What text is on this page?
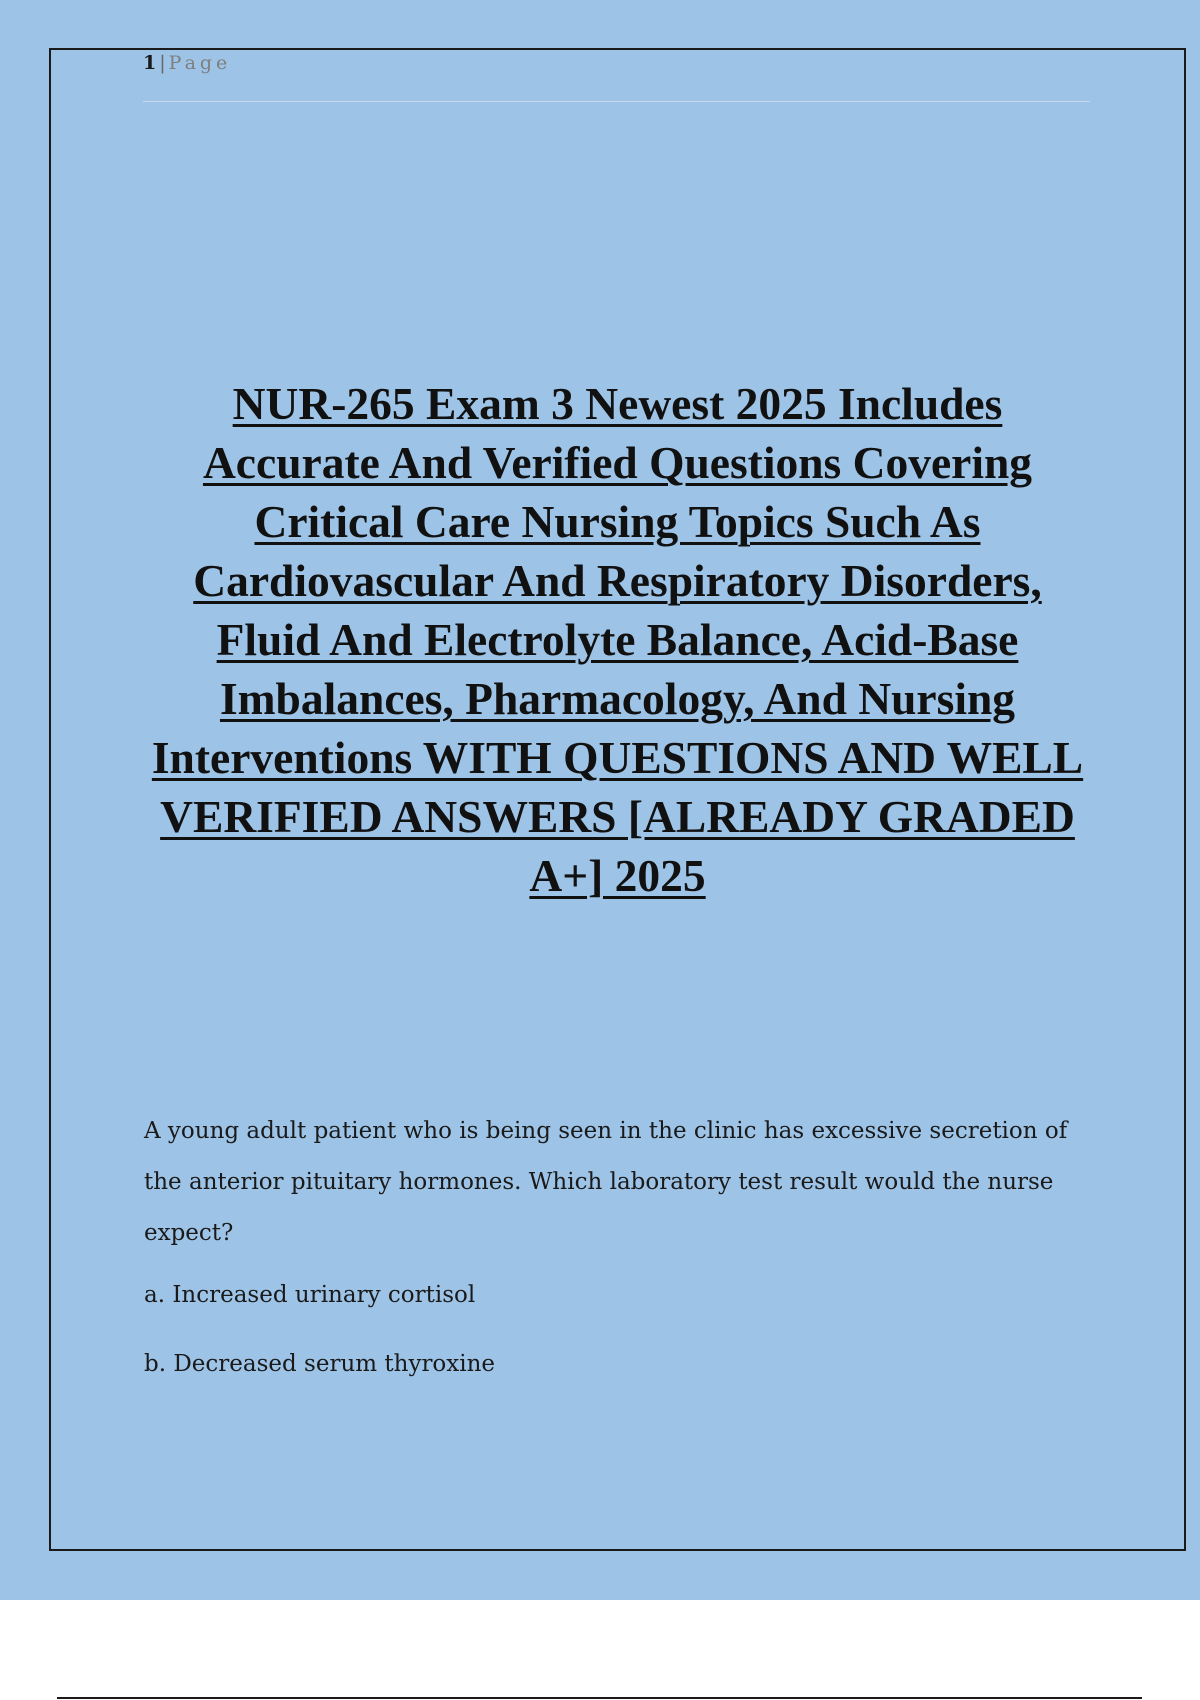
1 | Page
NUR-265 Exam 3 Newest 2025 Includes Accurate And Verified Questions Covering Critical Care Nursing Topics Such As Cardiovascular And Respiratory Disorders, Fluid And Electrolyte Balance, Acid-Base Imbalances, Pharmacology, And Nursing Interventions WITH QUESTIONS AND WELL VERIFIED ANSWERS [ALREADY GRADED A+] 2025

A young adult patient who is being seen in the clinic has excessive secretion of the anterior pituitary hormones. Which laboratory test result would the nurse expect?

a. Increased urinary cortisol
b. Decreased serum thyroxine
